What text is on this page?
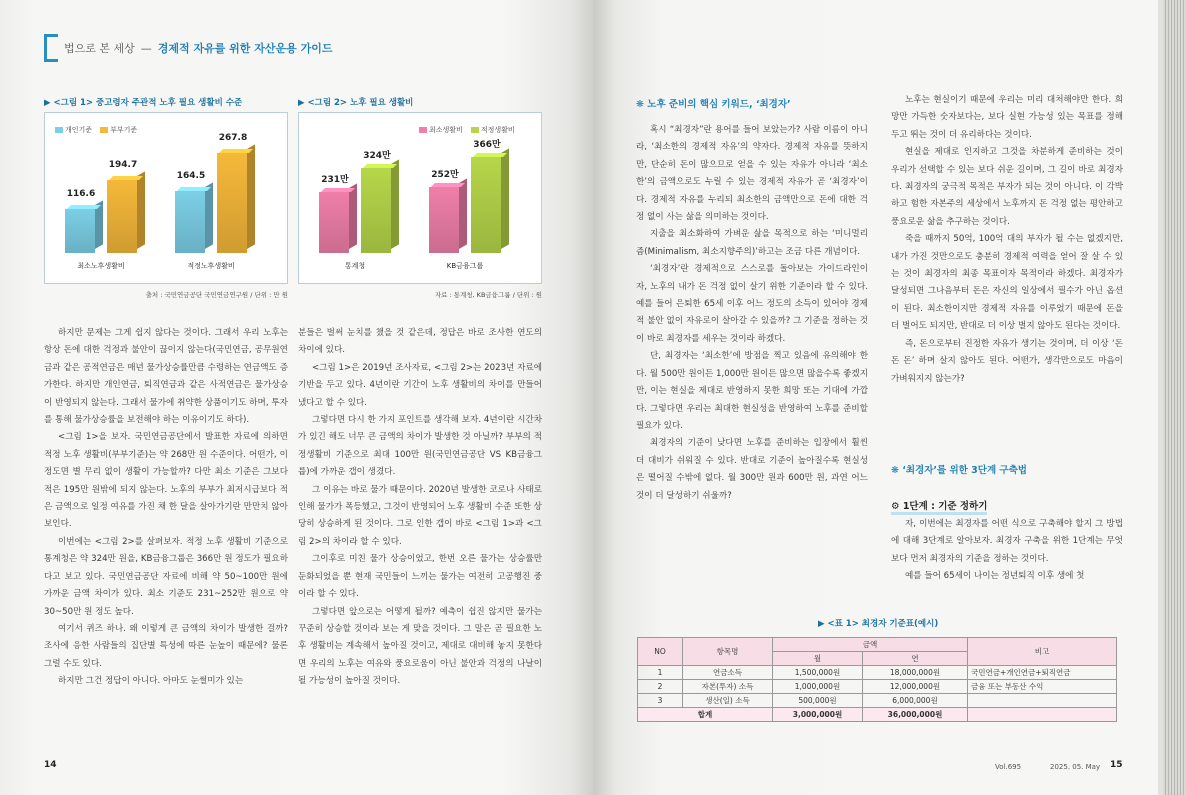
법으로 본 세상 — 경제적 자유를 위한 자산운용 가이드
▶ <그림 1> 중고령자 주관적 노후 필요 생활비 수준
개인기준	부부기준
116.6
194.7
최소노후생활비
164.5
267.8
적정노후생활비
출처 : 국민연금공단 국민연금연구원 / 단위 : 만 원
▶ <그림 2> 노후 필요 생활비
최소생활비	적정생활비
231만
324만
통계청
252만
366만
KB금융그룹
자료 : 통계청, KB금융그룹 / 단위 : 원

하지만 문제는 그게 쉽지 않다는 것이다. 그래서 우리 노후는 항상 돈에 대한 걱정과 불안이 끊이지 않는다(국민연금, 공무원연금과 같은 공적연금은 매년 물가상승률만큼 수령하는 연금액도 증가한다. 하지만 개인연금, 퇴직연금과 같은 사적연금은 물가상승이 반영되지 않는다. 그래서 물가에 취약한 상품이기도 하며, 투자를 통해 물가상승률을 보전해야 하는 이유이기도 하다).

<그림 1>을 보자. 국민연금공단에서 발표한 자료에 의하면 적정 노후 생활비(부부기준)는 약 268만 원 수준이다. 어떤가, 이 정도면 별 무리 없이 생활이 가능할까? 다만 최소 기준은 그보다 적은 195만 원밖에 되지 않는다. 노후의 부부가 최저시급보다 적은 금액으로 일정 여유를 가진 채 한 달을 살아가기란 만만치 않아 보인다.

이번에는 <그림 2>를 살펴보자. 적정 노후 생활비 기준으로 통계청은 약 324만 원을, KB금융그룹은 366만 원 정도가 필요하다고 보고 있다. 국민연금공단 자료에 비해 약 50~100만 원에 가까운 금액 차이가 있다. 최소 기준도 231~252만 원으로 약 30~50만 원 정도 높다.

여기서 퀴즈 하나. 왜 이렇게 큰 금액의 차이가 발생한 걸까? 조사에 응한 사람들의 집단별 특성에 따른 눈높이 때문에? 물론 그럴 수도 있다.

하지만 그건 정답이 아니다. 아마도 눈썰미가 있는

분들은 벌써 눈치를 챘을 것 같은데, 정답은 바로 조사한 연도의 차이에 있다.

<그림 1>은 2019년 조사자료, <그림 2>는 2023년 자료에 기반을 두고 있다. 4년이란 기간이 노후 생활비의 차이를 만들어냈다고 할 수 있다.

그렇다면 다시 한 가지 포인트를 생각해 보자. 4년이란 시간차가 있긴 해도 너무 큰 금액의 차이가 발생한 것 아닐까? 부부의 적정생활비 기준으로 최대 100만 원(국민연금공단 VS KB금융그룹)에 가까운 갭이 생겼다.

그 이유는 바로 물가 때문이다. 2020년 발생한 코로나 사태로 인해 물가가 폭등했고, 그것이 반영되어 노후 생활비 수준 또한 상당히 상승하게 된 것이다. 그로 인한 갭이 바로 <그림 1>과 <그림 2>의 차이라 할 수 있다.

그이후로 미친 물가 상승이었고, 한번 오른 물가는 상승률만 둔화되었을 뿐 현재 국민들이 느끼는 물가는 여전히 고공행진 중이라 할 수 있다.

그렇다면 앞으로는 어떻게 될까? 예측이 쉽진 않지만 물가는 꾸준히 상승할 것이라 보는 게 맞을 것이다. 그 말은 곧 필요한 노후 생활비는 계속해서 높아질 것이고, 제대로 대비해 놓지 못한다면 우리의 노후는 여유와 풍요로움이 아닌 불안과 걱정의 나날이 될 가능성이 높아질 것이다.

14
❋ 노후 준비의 핵심 키워드, ‘최경자’

혹시 “최경자”란 용어를 들어 보았는가? 사람 이름이 아니라, ‘최소한의 경제적 자유’의 약자다. 경제적 자유를 뜻하지만, 단순히 돈이 많으므로 얻을 수 있는 자유가 아니라 ‘최소한’의 금액으로도 누릴 수 있는 경제적 자유가 곧 ‘최경자’이다. 경제적 자유를 누리되 최소한의 금액만으로 돈에 대한 걱정 없이 사는 삶을 의미하는 것이다.

지출을 최소화하여 가벼운 삶을 목적으로 하는 ‘미니멀리즘(Minimalism, 최소지향주의)’하고는 조금 다른 개념이다.

‘최경자’란 경제적으로 스스로를 돌아보는 가이드라인이자, 노후의 내가 돈 걱정 없이 살기 위한 기준이라 할 수 있다. 예를 들어 은퇴한 65세 이후 어느 정도의 소득이 있어야 경제적 불안 없이 자유로이 살아갈 수 있을까? 그 기준을 정하는 것이 바로 최경자를 세우는 것이라 하겠다.

단, 최경자는 ‘최소한’에 방점을 찍고 있음에 유의해야 한다. 월 500만 원이든 1,000만 원이든 많으면 많을수록 좋겠지만, 이는 현실을 제대로 반영하지 못한 희망 또는 기대에 가깝다. 그렇다면 우리는 최대한 현실성을 반영하여 노후를 준비할 필요가 있다.

최경자의 기준이 낮다면 노후를 준비하는 입장에서 훨씬 더 대비가 쉬워질 수 있다. 반대로 기준이 높아질수록 현실성은 떨어질 수밖에 없다. 월 300만 원과 600만 원, 과연 어느 것이 더 달성하기 쉬울까?

노후는 현실이기 때문에 우리는 미리 대처해야만 한다. 희망만 가득한 숫자보다는, 보다 실현 가능성 있는 목표를 정해두고 뛰는 것이 더 유리하다는 것이다.

현실을 제대로 인지하고 그것을 차분하게 준비하는 것이 우리가 선택할 수 있는 보다 쉬운 길이며, 그 길이 바로 최경자다. 최경자의 궁극적 목적은 부자가 되는 것이 아니다. 이 각박하고 험한 자본주의 세상에서 노후까지 돈 걱정 없는 평안하고 풍요로운 삶을 추구하는 것이다.

죽을 때까지 50억, 100억 대의 부자가 될 수는 없겠지만, 내가 가진 것만으로도 충분히 경제적 여력을 얻어 잘 살 수 있는 것이 최경자의 최종 목표이자 목적이라 하겠다. 최경자가 달성되면 그나음부터 돈은 자신의 일상에서 필수가 아닌 옵션이 된다. 최소한이지만 경제적 자유를 이루었기 때문에 돈을 더 벌어도 되지만, 반대로 더 이상 벌지 않아도 된다는 것이다.

즉, 돈으로부터 진정한 자유가 생기는 것이며, 더 이상 ‘돈 돈 돈’ 하며 살지 않아도 된다. 어떤가, 생각만으로도 마음이 가벼워지지 않는가?

❋ ‘최경자’를 위한 3단계 구축법
⚙ 1단계 : 기준 정하기

자, 이번에는 최경자를 어떤 식으로 구축해야 할지 그 방법에 대해 3단계로 알아보자. 최경자 구축을 위한 1단계는 무엇보다 먼저 최경자의 기준을 정하는 것이다.

예를 들어 65세이 나이는 정년퇴직 이후 생에 첫

▶ <표 1> 최경자 기준표(예시)
NO	항목명	금액		비고
		월	연	
1	연금소득	1,500,000원	18,000,000원	국민연금+개인연금+퇴직연금
2	자본(투자) 소득	1,000,000원	12,000,000원	금융 또는 부동산 수익
3	생산(일) 소득	500,000원	6,000,000원	
합계		3,000,000원	36,000,000원	
Vol.695	2025. 05. May 15
